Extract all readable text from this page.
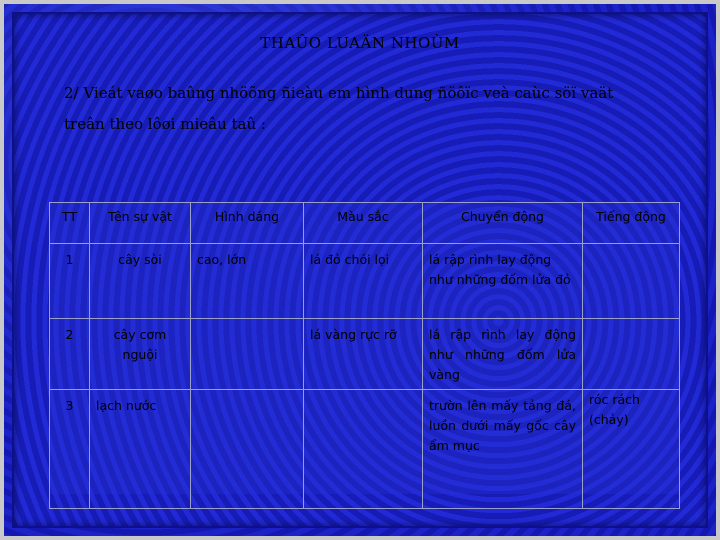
THAÛO LUAÄN NHOÙM
2/ Vieát vaøo baûng nhöõng ñieàu em hình dung ñöôïc veà caùc söï vaät
treân theo lôøi mieâu taû :
TT	Tên sự vật	Hình dáng	Màu sắc	Chuyển động	Tiếng động
1	cây sòi	cao, lớn	lá đỏ chói lọi	lá rập rình lay động như những đốm lửa đỏ	
2	cây cơm nguội		lá vàng rực rỡ	lá rập rình lay động như những đốm lửa vàng	
3	lạch nước			trườn lên mấy tảng đá, luồn dưới mấy gốc cây ẩm mục	róc rách (chảy)
